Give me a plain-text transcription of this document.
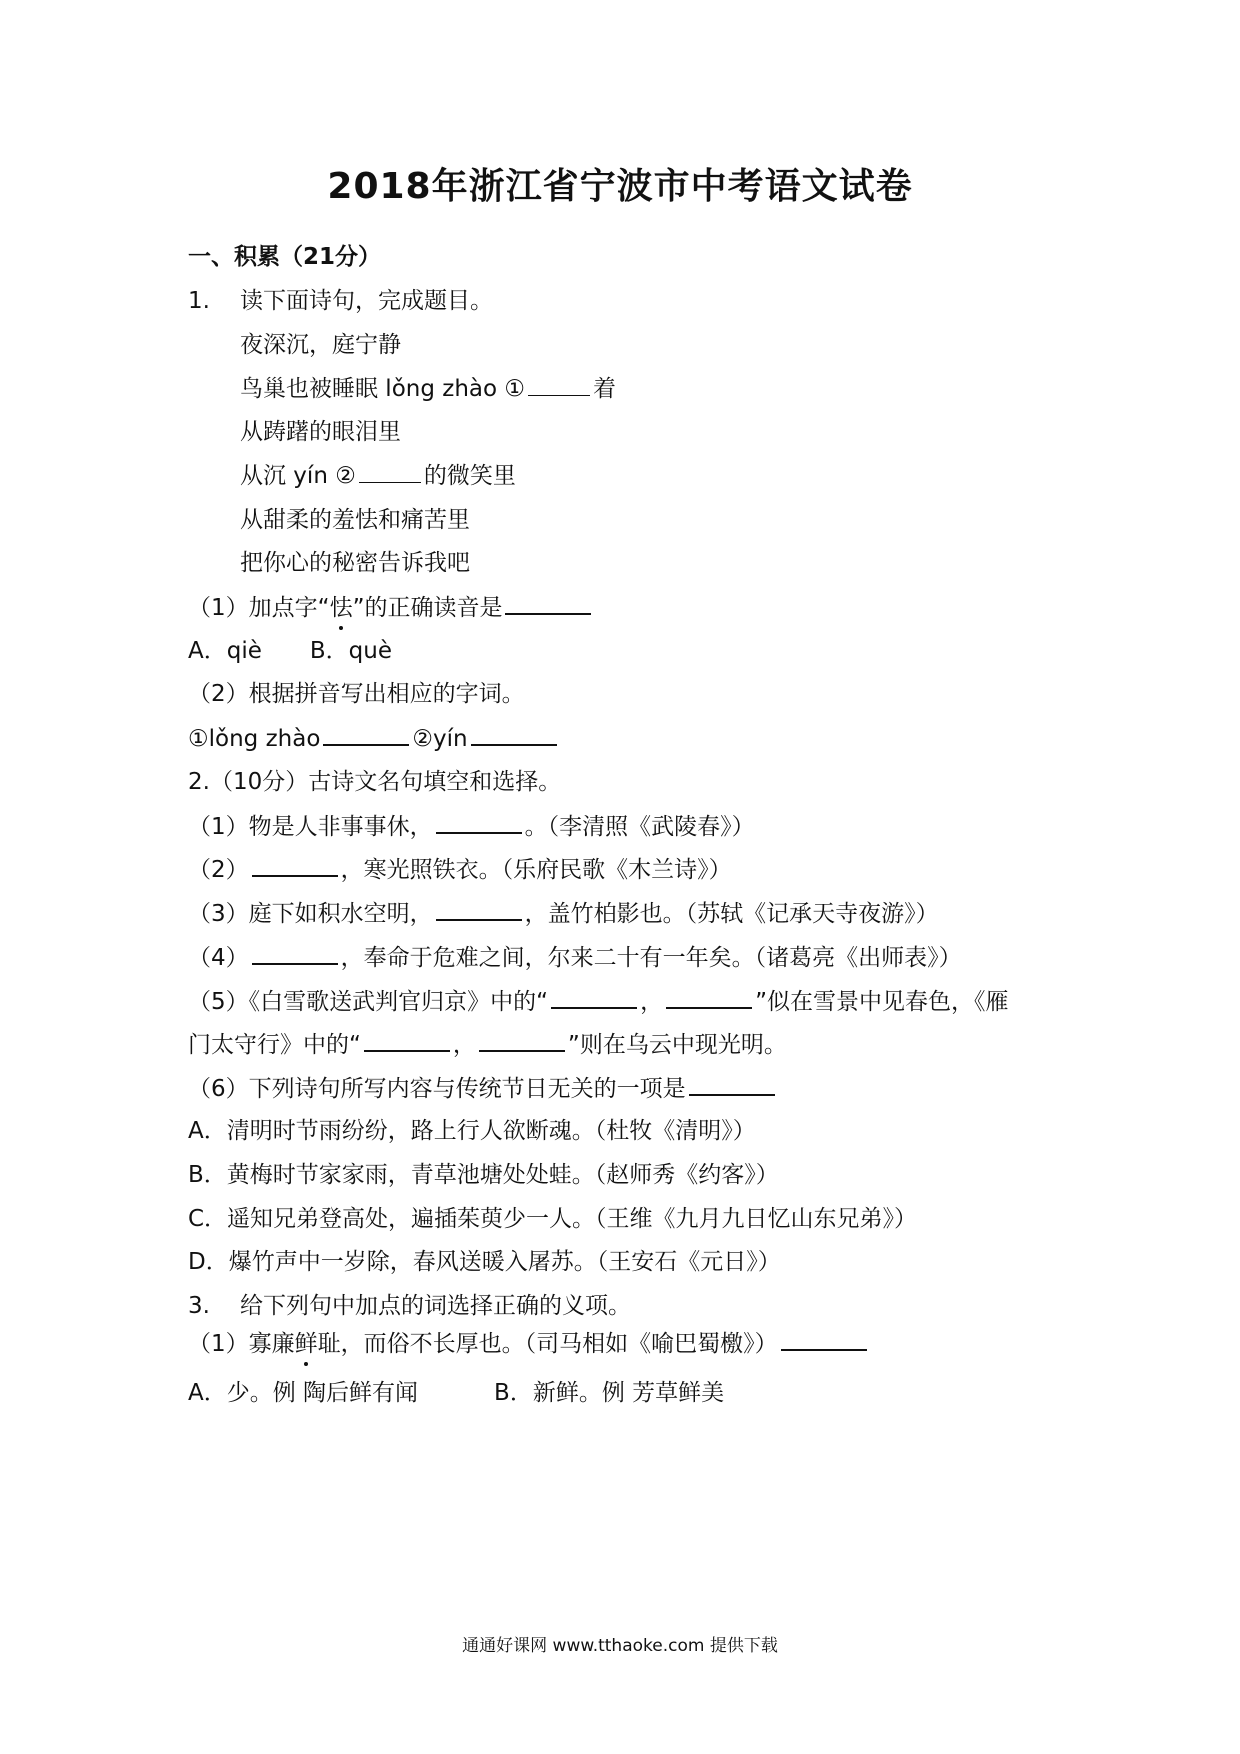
2018年浙江省宁波市中考语文试卷
一、积累（21分）
1. 读下面诗句，完成题目。
夜深沉，庭宁静
鸟巢也被睡眠 lǒng zhào ①	着
从踌躇的眼泪里
从沉 yín ②	的微笑里
从甜柔的羞怯和痛苦里
把你心的秘密告诉我吧
（1）加点字“怯”的正确读音是
A．qiè B．què
（2）根据拼音写出相应的字词。
①lǒng zhào	②yín
2.（10分）古诗文名句填空和选择。
（1）物是人非事事休，	。（李清照《武陵春》）
（2）	，寒光照铁衣。（乐府民歌《木兰诗》）
（3）庭下如积水空明，	，盖竹柏影也。（苏轼《记承天寺夜游》）
（4）	，奉命于危难之间，尔来二十有一年矣。（诸葛亮《出师表》）
（5）《白雪歌送武判官归京》中的“	，	”似在雪景中见春色，《雁
门太守行》中的“	，	”则在乌云中现光明。
（6）下列诗句所写内容与传统节日无关的一项是
A．清明时节雨纷纷，路上行人欲断魂。（杜牧《清明》）
B．黄梅时节家家雨，青草池塘处处蛙。（赵师秀《约客》）
C．遥知兄弟登高处，遍插茱萸少一人。（王维《九月九日忆山东兄弟》）
D．爆竹声中一岁除，春风送暖入屠苏。（王安石《元日》）
3. 给下列句中加点的词选择正确的义项。
（1）寡廉鲜耻，而俗不长厚也。（司马相如《喻巴蜀檄》）
A．少。例 陶后鲜有闻	B．新鲜。例 芳草鲜美
通通好课网 www.tthaoke.com 提供下载
